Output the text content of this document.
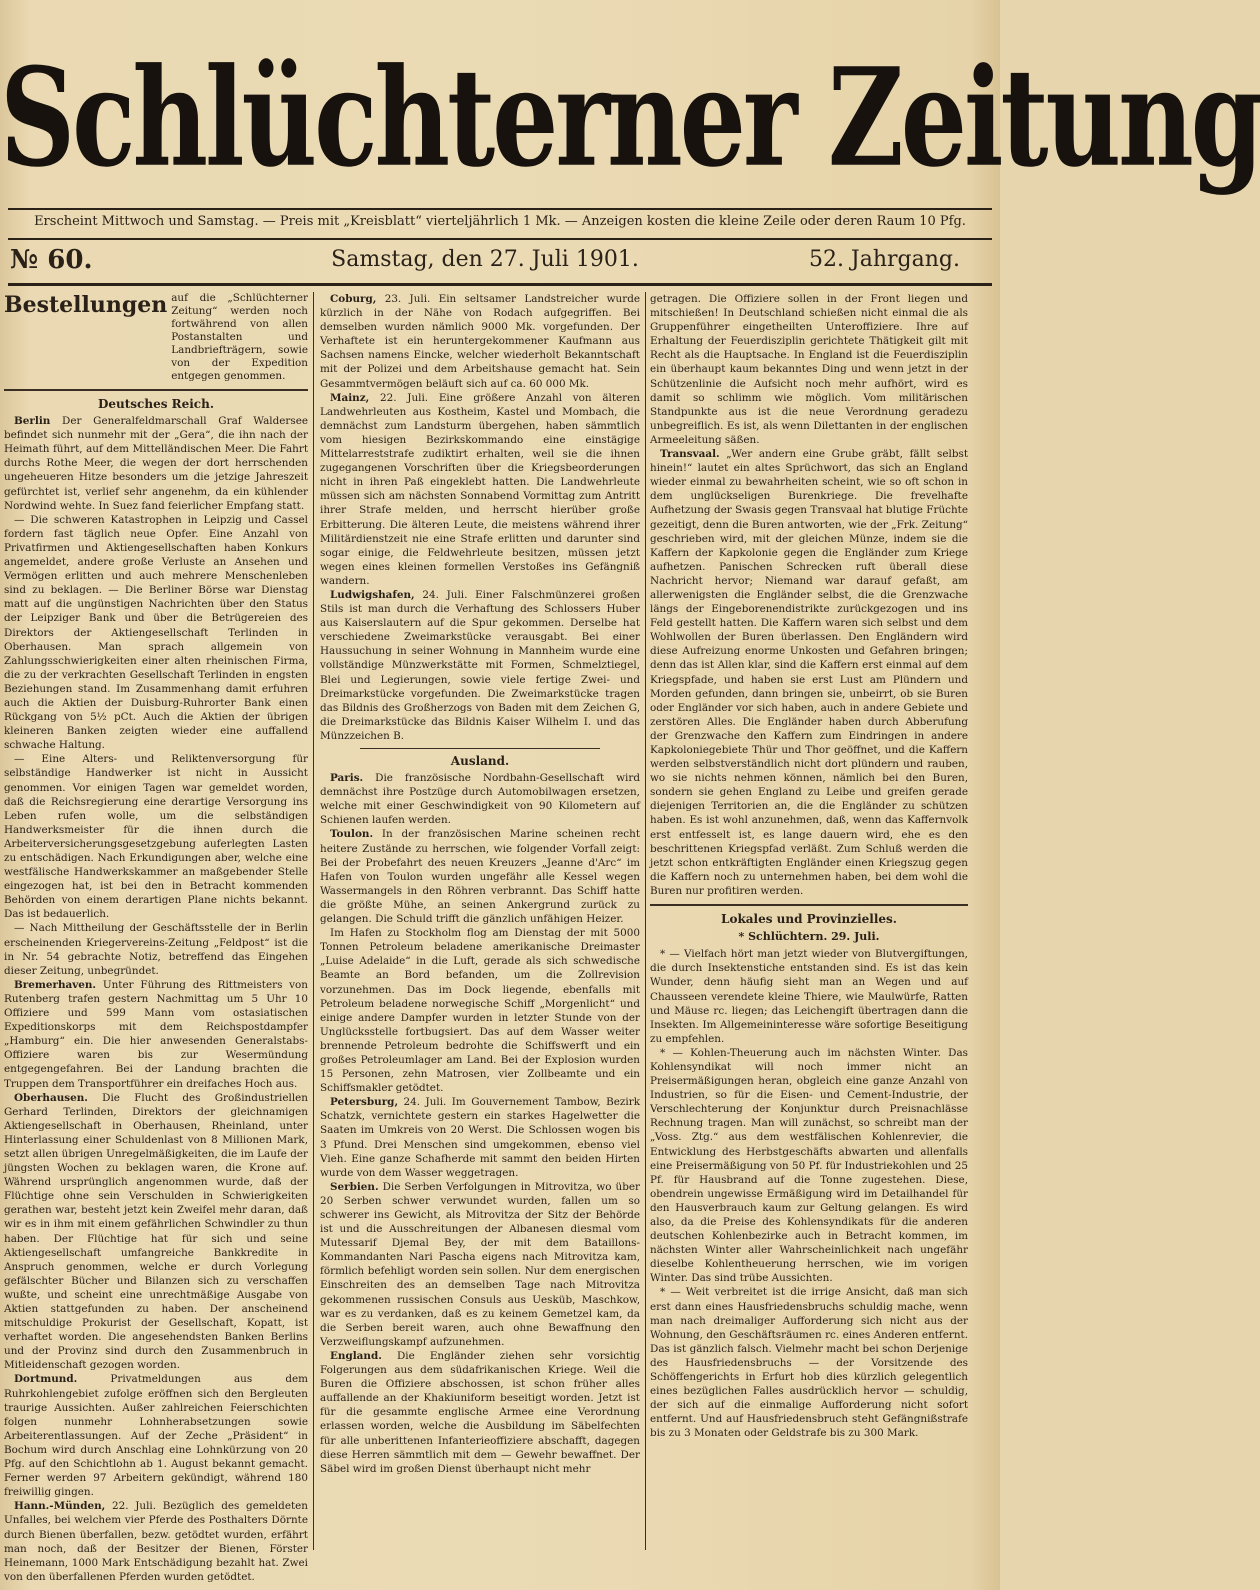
Schlüchterner Zeitung
Erscheint Mittwoch und Samstag. — Preis mit „Kreisblatt“ vierteljährlich 1 Mk. — Anzeigen kosten die kleine Zeile oder deren Raum 10 Pfg.
№ 60.	Samstag, den 27. Juli 1901.	52. Jahrgang.
Bestellungen auf die „Schlüchterner Zeitung“ werden noch fortwährend von allen Postanstalten und Landbriefträgern, sowie von der Expedition entgegen genommen.
Deutsches Reich.

Berlin Der Generalfeldmarschall Graf Waldersee befindet sich nunmehr mit der „Gera“, die ihn nach der Heimath führt, auf dem Mittelländischen Meer. Die Fahrt durchs Rothe Meer, die wegen der dort herrschenden ungeheueren Hitze besonders um die jetzige Jahreszeit gefürchtet ist, verlief sehr angenehm, da ein kühlender Nordwind wehte. In Suez fand feierlicher Empfang statt.

— Die schweren Katastrophen in Leipzig und Cassel fordern fast täglich neue Opfer. Eine Anzahl von Privatfirmen und Aktiengesellschaften haben Konkurs angemeldet, andere große Verluste an Ansehen und Vermögen erlitten und auch mehrere Menschenleben sind zu beklagen. — Die Berliner Börse war Dienstag matt auf die ungünstigen Nachrichten über den Status der Leipziger Bank und über die Betrügereien des Direktors der Aktiengesellschaft Terlinden in Oberhausen. Man sprach allgemein von Zahlungsschwierigkeiten einer alten rheinischen Firma, die zu der verkrachten Gesellschaft Terlinden in engsten Beziehungen stand. Im Zusammenhang damit erfuhren auch die Aktien der Duisburg-Ruhrorter Bank einen Rückgang von 5½ pCt. Auch die Aktien der übrigen kleineren Banken zeigten wieder eine auffallend schwache Haltung.

— Eine Alters- und Reliktenversorgung für selbständige Handwerker ist nicht in Aussicht genommen. Vor einigen Tagen war gemeldet worden, daß die Reichsregierung eine derartige Versorgung ins Leben rufen wolle, um die selbständigen Handwerksmeister für die ihnen durch die Arbeiterversicherungsgesetzgebung auferlegten Lasten zu entschädigen. Nach Erkundigungen aber, welche eine westfälische Handwerkskammer an maßgebender Stelle eingezogen hat, ist bei den in Betracht kommenden Behörden von einem derartigen Plane nichts bekannt. Das ist bedauerlich.

— Nach Mittheilung der Geschäftsstelle der in Berlin erscheinenden Kriegervereins-Zeitung „Feldpost“ ist die in Nr. 54 gebrachte Notiz, betreffend das Eingehen dieser Zeitung, unbegründet.

Bremerhaven. Unter Führung des Rittmeisters von Rutenberg trafen gestern Nachmittag um 5 Uhr 10 Offiziere und 599 Mann vom ostasiatischen Expeditionskorps mit dem Reichspostdampfer „Hamburg“ ein. Die hier anwesenden Generalstabs-Offiziere waren bis zur Wesermündung entgegengefahren. Bei der Landung brachten die Truppen dem Transportführer ein dreifaches Hoch aus.

Oberhausen. Die Flucht des Großindustriellen Gerhard Terlinden, Direktors der gleichnamigen Aktiengesellschaft in Oberhausen, Rheinland, unter Hinterlassung einer Schuldenlast von 8 Millionen Mark, setzt allen übrigen Unregelmäßigkeiten, die im Laufe der jüngsten Wochen zu beklagen waren, die Krone auf. Während ursprünglich angenommen wurde, daß der Flüchtige ohne sein Verschulden in Schwierigkeiten gerathen war, besteht jetzt kein Zweifel mehr daran, daß wir es in ihm mit einem gefährlichen Schwindler zu thun haben. Der Flüchtige hat für sich und seine Aktiengesellschaft umfangreiche Bankkredite in Anspruch genommen, welche er durch Vorlegung gefälschter Bücher und Bilanzen sich zu verschaffen wußte, und scheint eine unrechtmäßige Ausgabe von Aktien stattgefunden zu haben. Der anscheinend mitschuldige Prokurist der Gesellschaft, Kopatt, ist verhaftet worden. Die angesehendsten Banken Berlins und der Provinz sind durch den Zusammenbruch in Mitleidenschaft gezogen worden.

Dortmund.	Privatmeldungen aus dem Ruhrkohlengebiet zufolge eröffnen sich den Bergleuten traurige Aussichten. Außer zahlreichen Feierschichten folgen nunmehr Lohnherabsetzungen sowie Arbeiterentlassungen. Auf der Zeche „Präsident“ in Bochum wird durch Anschlag eine Lohnkürzung von 20 Pfg. auf den Schichtlohn ab 1. August bekannt gemacht. Ferner werden 97 Arbeitern gekündigt, während 180 freiwillig gingen.

Hann.-Münden, 22. Juli. Bezüglich des gemeldeten Unfalles, bei welchem vier Pferde des Posthalters Dörnte durch Bienen überfallen, bezw. getödtet wurden, erfährt man noch, daß der Besitzer der Bienen, Förster Heinemann, 1000 Mark Entschädigung bezahlt hat. Zwei von den überfallenen Pferden wurden getödtet.

Coburg, 23. Juli. Ein seltsamer Landstreicher wurde kürzlich in der Nähe von Rodach aufgegriffen. Bei demselben wurden nämlich 9000 Mk. vorgefunden. Der Verhaftete ist ein heruntergekommener Kaufmann aus Sachsen namens Eincke, welcher wiederholt Bekanntschaft mit der Polizei und dem Arbeitshause gemacht hat. Sein Gesammtvermögen beläuft sich auf ca. 60 000 Mk.

Mainz, 22. Juli. Eine größere Anzahl von älteren Landwehrleuten aus Kostheim, Kastel und Mombach, die demnächst zum Landsturm übergehen, haben sämmtlich vom hiesigen Bezirkskommando eine einstägige Mittelarreststrafe zudiktirt erhalten, weil sie die ihnen zugegangenen Vorschriften über die Kriegsbeorderungen nicht in ihren Paß eingeklebt hatten. Die Landwehrleute müssen sich am nächsten Sonnabend Vormittag zum Antritt ihrer Strafe melden, und herrscht hierüber große Erbitterung. Die älteren Leute, die meistens während ihrer Militärdienstzeit nie eine Strafe erlitten und darunter sind sogar einige, die Feldwehrleute besitzen, müssen jetzt wegen eines kleinen formellen Verstoßes ins Gefängniß wandern.

Ludwigshafen, 24. Juli. Einer Falschmünzerei großen Stils ist man durch die Verhaftung des Schlossers Huber aus Kaiserslautern auf die Spur gekommen. Derselbe hat verschiedene Zweimarkstücke verausgabt. Bei einer Haussuchung in seiner Wohnung in Mannheim wurde eine vollständige Münzwerkstätte mit Formen, Schmelztiegel, Blei und Legierungen, sowie viele fertige Zwei- und Dreimarkstücke vorgefunden. Die Zweimarkstücke tragen das Bildnis des Großherzogs von Baden mit dem Zeichen G, die Dreimarkstücke das Bildnis Kaiser Wilhelm I. und das Münzzeichen B.

Ausland.

Paris. Die französische Nordbahn-Gesellschaft wird demnächst ihre Postzüge durch Automobilwagen ersetzen, welche mit einer Geschwindigkeit von 90 Kilometern auf Schienen laufen werden.

Toulon. In der französischen Marine scheinen recht heitere Zustände zu herrschen, wie folgender Vorfall zeigt: Bei der Probefahrt des neuen Kreuzers „Jeanne d'Arc“ im Hafen von Toulon wurden ungefähr alle Kessel wegen Wassermangels in den Röhren verbrannt. Das Schiff hatte die größte Mühe, an seinen Ankergrund zurück zu gelangen. Die Schuld trifft die gänzlich unfähigen Heizer.

Im Hafen zu Stockholm flog am Dienstag der mit 5000 Tonnen Petroleum beladene amerikanische Dreimaster „Luise Adelaide“ in die Luft, gerade als sich schwedische Beamte an Bord befanden, um die Zollrevision vorzunehmen. Das im Dock liegende, ebenfalls mit Petroleum beladene norwegische Schiff „Morgenlicht“ und einige andere Dampfer wurden in letzter Stunde von der Unglücksstelle fortbugsiert. Das auf dem Wasser weiter brennende Petroleum bedrohte die Schiffswerft und ein großes Petroleumlager am Land. Bei der Explosion wurden 15 Personen, zehn Matrosen, vier Zollbeamte und ein Schiffsmakler getödtet.

Petersburg, 24. Juli. Im Gouvernement Tambow, Bezirk Schatzk, vernichtete gestern ein starkes Hagelwetter die Saaten im Umkreis von 20 Werst. Die Schlossen wogen bis 3 Pfund. Drei Menschen sind umgekommen, ebenso viel Vieh. Eine ganze Schafherde mit sammt den beiden Hirten wurde von dem Wasser weggetragen.

Serbien. Die Serben Verfolgungen in Mitrovitza, wo über 20 Serben schwer verwundet wurden, fallen um so schwerer ins Gewicht, als Mitrovitza der Sitz der Behörde ist und die Ausschreitungen der Albanesen diesmal vom Mutessarif Djemal Bey, der mit dem Bataillons-Kommandanten Nari Pascha eigens nach Mitrovitza kam, förmlich befehligt worden sein sollen. Nur dem energischen Einschreiten des an demselben Tage nach Mitrovitza gekommenen russischen Consuls aus Uesküb, Maschkow, war es zu verdanken, daß es zu keinem Gemetzel kam, da die Serben bereit waren, auch ohne Bewaffnung den Verzweiflungskampf aufzunehmen.

England. Die Engländer ziehen sehr vorsichtig Folgerungen aus dem südafrikanischen Kriege. Weil die Buren die Offiziere abschossen, ist schon früher alles auffallende an der Khakiuniform beseitigt worden. Jetzt ist für die gesammte englische Armee eine Verordnung erlassen worden, welche die Ausbildung im Säbelfechten für alle unberittenen Infanterieoffiziere abschafft, dagegen diese Herren sämmtlich mit dem — Gewehr bewaffnet. Der Säbel wird im großen Dienst überhaupt nicht mehr

getragen. Die Offiziere sollen in der Front liegen und mitschießen! In Deutschland schießen nicht einmal die als Gruppenführer eingetheilten Unteroffiziere. Ihre auf Erhaltung der Feuerdisziplin gerichtete Thätigkeit gilt mit Recht als die Hauptsache. In England ist die Feuerdisziplin ein überhaupt kaum bekanntes Ding und wenn jetzt in der Schützenlinie die Aufsicht noch mehr aufhört, wird es damit so schlimm wie möglich. Vom militärischen Standpunkte aus ist die neue Verordnung geradezu unbegreiflich. Es ist, als wenn Dilettanten in der englischen Armeeleitung säßen.

Transvaal. „Wer andern eine Grube gräbt, fällt selbst hinein!“ lautet ein altes Sprüchwort, das sich an England wieder einmal zu bewahrheiten scheint, wie so oft schon in dem unglückseligen Burenkriege. Die frevelhafte Aufhetzung der Swasis gegen Transvaal hat blutige Früchte gezeitigt, denn die Buren antworten, wie der „Frk. Zeitung“ geschrieben wird, mit der gleichen Münze, indem sie die Kaffern der Kapkolonie gegen die Engländer zum Kriege aufhetzen. Panischen Schrecken ruft überall diese Nachricht hervor; Niemand war darauf gefaßt, am allerwenigsten die Engländer selbst, die die Grenzwache längs der Eingeborenendistrikte zurückgezogen und ins Feld gestellt hatten. Die Kaffern waren sich selbst und dem Wohlwollen der Buren überlassen. Den Engländern wird diese Aufreizung enorme Unkosten und Gefahren bringen; denn das ist Allen klar, sind die Kaffern erst einmal auf dem Kriegspfade, und haben sie erst Lust am Plündern und Morden gefunden, dann bringen sie, unbeirrt, ob sie Buren oder Engländer vor sich haben, auch in andere Gebiete und zerstören Alles. Die Engländer haben durch Abberufung der Grenzwache den Kaffern zum Eindringen in andere Kapkoloniegebiete Thür und Thor geöffnet, und die Kaffern werden selbstverständlich nicht dort plündern und rauben, wo sie nichts nehmen können, nämlich bei den Buren, sondern sie gehen England zu Leibe und greifen gerade diejenigen Territorien an, die die Engländer zu schützen haben. Es ist wohl anzunehmen, daß, wenn das Kaffernvolk erst entfesselt ist, es lange dauern wird, ehe es den beschrittenen Kriegspfad verläßt. Zum Schluß werden die jetzt schon entkräftigten Engländer einen Kriegszug gegen die Kaffern noch zu unternehmen haben, bei dem wohl die Buren nur profitiren werden.

Lokales und Provinzielles.
* Schlüchtern. 29. Juli.

* — Vielfach hört man jetzt wieder von Blutvergiftungen, die durch Insektenstiche entstanden sind. Es ist das kein Wunder, denn häufig sieht man an Wegen und auf Chausseen verendete kleine Thiere, wie Maulwürfe, Ratten und Mäuse rc. liegen; das Leichengift übertragen dann die Insekten. Im Allgemeininteresse wäre sofortige Beseitigung zu empfehlen.

* — Kohlen-Theuerung auch im nächsten Winter. Das Kohlensyndikat will noch immer nicht an Preisermäßigungen heran, obgleich eine ganze Anzahl von Industrien, so für die Eisen- und Cement-Industrie, der Verschlechterung der Konjunktur durch Preisnachlässe Rechnung tragen. Man will zunächst, so schreibt man der „Voss. Ztg.“ aus dem westfälischen Kohlenrevier, die Entwicklung des Herbstgeschäfts abwarten und allenfalls eine Preisermäßigung von 50 Pf. für Industriekohlen und 25 Pf. für Hausbrand auf die Tonne zugestehen. Diese, obendrein ungewisse Ermäßigung wird im Detailhandel für den Hausverbrauch kaum zur Geltung gelangen. Es wird also, da die Preise des Kohlensyndikats für die anderen deutschen Kohlenbezirke auch in Betracht kommen, im nächsten Winter aller Wahrscheinlichkeit nach ungefähr dieselbe Kohlentheuerung herrschen, wie im vorigen Winter. Das sind trübe Aussichten.

* — Weit verbreitet ist die irrige Ansicht, daß man sich erst dann eines Hausfriedensbruchs schuldig mache, wenn man nach dreimaliger Aufforderung sich nicht aus der Wohnung, den Geschäftsräumen rc. eines Anderen entfernt. Das ist gänzlich falsch. Vielmehr macht bei schon Derjenige des Hausfriedensbruchs — der Vorsitzende des Schöffengerichts in Erfurt hob dies kürzlich gelegentlich eines bezüglichen Falles ausdrücklich hervor — schuldig, der sich auf die einmalige Aufforderung nicht sofort entfernt. Und auf Hausfriedensbruch steht Gefängnißstrafe bis zu 3 Monaten oder Geldstrafe bis zu 300 Mark.
